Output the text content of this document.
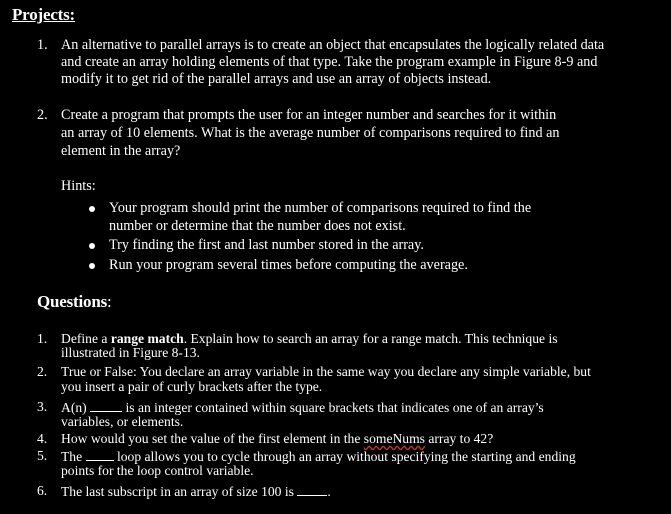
Projects:
1. An alternative to parallel arrays is to create an object that encapsulates the logically related data
and create an array holding elements of that type. Take the program example in Figure 8-9 and
modify it to get rid of the parallel arrays and use an array of objects instead.
2. Create a program that prompts the user for an integer number and searches for it within
an array of 10 elements. What is the average number of comparisons required to find an
element in the array?
Hints:
Your program should print the number of comparisons required to find the
number or determine that the number does not exist.
Try finding the first and last number stored in the array.
Run your program several times before computing the average.
Questions:
1. Define a range match. Explain how to search an array for a range match. This technique is
illustrated in Figure 8-13.
2. True or False: You declare an array variable in the same way you declare any simple variable, but
you insert a pair of curly brackets after the type.
3. A(n)  is an integer contained within square brackets that indicates one of an array’s
variables, or elements.
4. How would you set the value of the first element in the someNums array to 42?
5. The  loop allows you to cycle through an array without specifying the starting and ending
points for the loop control variable.
6. The last subscript in an array of size 100 is .
